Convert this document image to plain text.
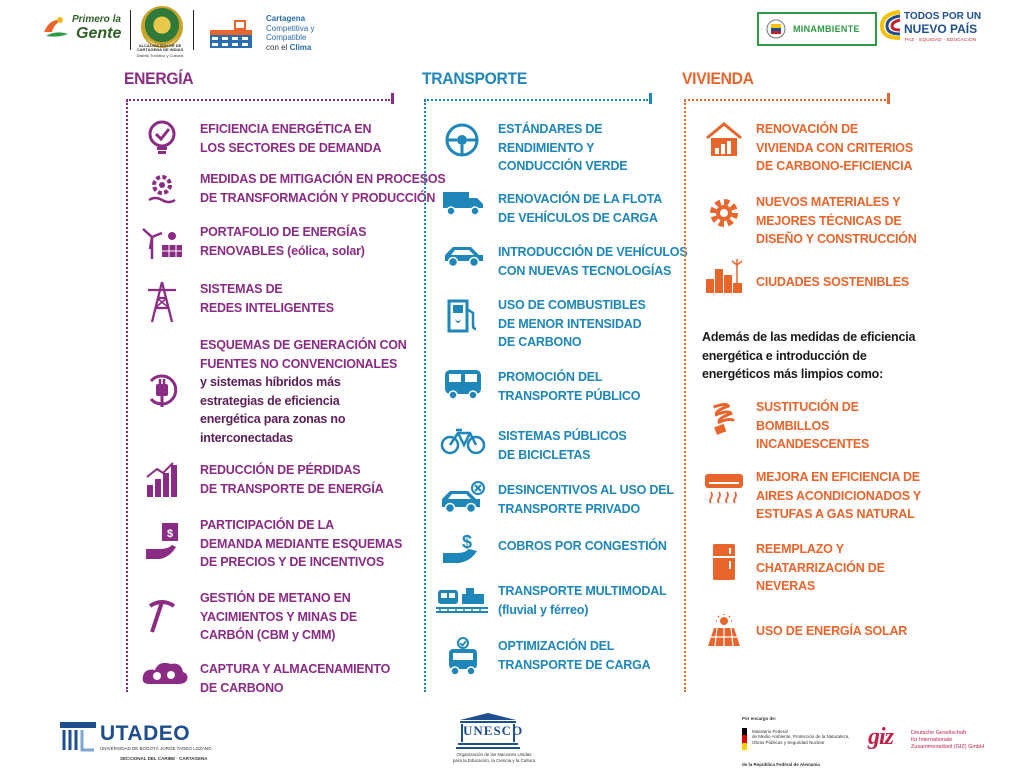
Primero la
Gente
ALCALDÍA MAYOR DE CARTAGENA DE INDIAS
Distrito Turístico y Cultural
Cartagena
Competitiva y
Compatible
con el Clima
MINAMBIENTE
TODOS POR UN
NUEVO PAÍS
PAZ · EQUIDAD · EDUCACIÓN
ENERGÍA
EFICIENCIA ENERGÉTICA EN
LOS SECTORES DE DEMANDA
MEDIDAS DE MITIGACIÓN EN PROCESOS
DE TRANSFORMACIÓN Y PRODUCCIÓN
PORTAFOLIO DE ENERGÍAS
RENOVABLES (eólica, solar)
SISTEMAS DE
REDES INTELIGENTES
ESQUEMAS DE GENERACIÓN CON
FUENTES NO CONVENCIONALES
y sistemas híbridos más
estrategias de eficiencia
energética para zonas no
interconectadas
REDUCCIÓN DE PÉRDIDAS
DE TRANSPORTE DE ENERGÍA
$
PARTICIPACIÓN DE LA
DEMANDA MEDIANTE ESQUEMAS
DE PRECIOS Y DE INCENTIVOS
GESTIÓN DE METANO EN
YACIMIENTOS Y MINAS DE
CARBÓN (CBM y CMM)
CAPTURA Y ALMACENAMIENTO
DE CARBONO
TRANSPORTE
ESTÁNDARES DE
RENDIMIENTO Y
CONDUCCIÓN VERDE
RENOVACIÓN DE LA FLOTA
DE VEHÍCULOS DE CARGA
INTRODUCCIÓN DE VEHÍCULOS
CON NUEVAS TECNOLOGÍAS
USO DE COMBUSTIBLES
DE MENOR INTENSIDAD
DE CARBONO
PROMOCIÓN DEL
TRANSPORTE PÚBLICO
SISTEMAS PÚBLICOS
DE BICICLETAS
DESINCENTIVOS AL USO DEL
TRANSPORTE PRIVADO
$ COBROS POR CONGESTIÓN
TRANSPORTE MULTIMODAL
(fluvial y férreo)
OPTIMIZACIÓN DEL
TRANSPORTE DE CARGA
VIVIENDA
RENOVACIÓN DE
VIVIENDA CON CRITERIOS
DE CARBONO-EFICIENCIA
NUEVOS MATERIALES Y
MEJORES TÉCNICAS DE
DISEÑO Y CONSTRUCCIÓN
CIUDADES SOSTENIBLES
Además de las medidas de eficiencia
energética e introducción de
energéticos más limpios como:
SUSTITUCIÓN DE
BOMBILLOS
INCANDESCENTES
MEJORA EN EFICIENCIA DE
AIRES ACONDICIONADOS Y
ESTUFAS A GAS NATURAL
REEMPLAZO Y
CHATARRIZACIÓN DE
NEVERAS
USO DE ENERGÍA SOLAR
UTADEO
UNIVERSIDAD DE BOGOTÁ JORGE TADEO LOZANO
SECCIONAL DEL CARIBE · CARTAGENA
UNESCO
Organización de las Naciones Unidas
para la Educación, la Ciencia y la Cultura
Por encargo de:
Ministerio Federal
de Medio Ambiente, Protección de la Naturaleza,
Obras Públicas y Seguridad Nuclear
de la República Federal de Alemania
giz	Deutsche Gesellschaft
für Internationale
Zusammenarbeit (GIZ) GmbH
